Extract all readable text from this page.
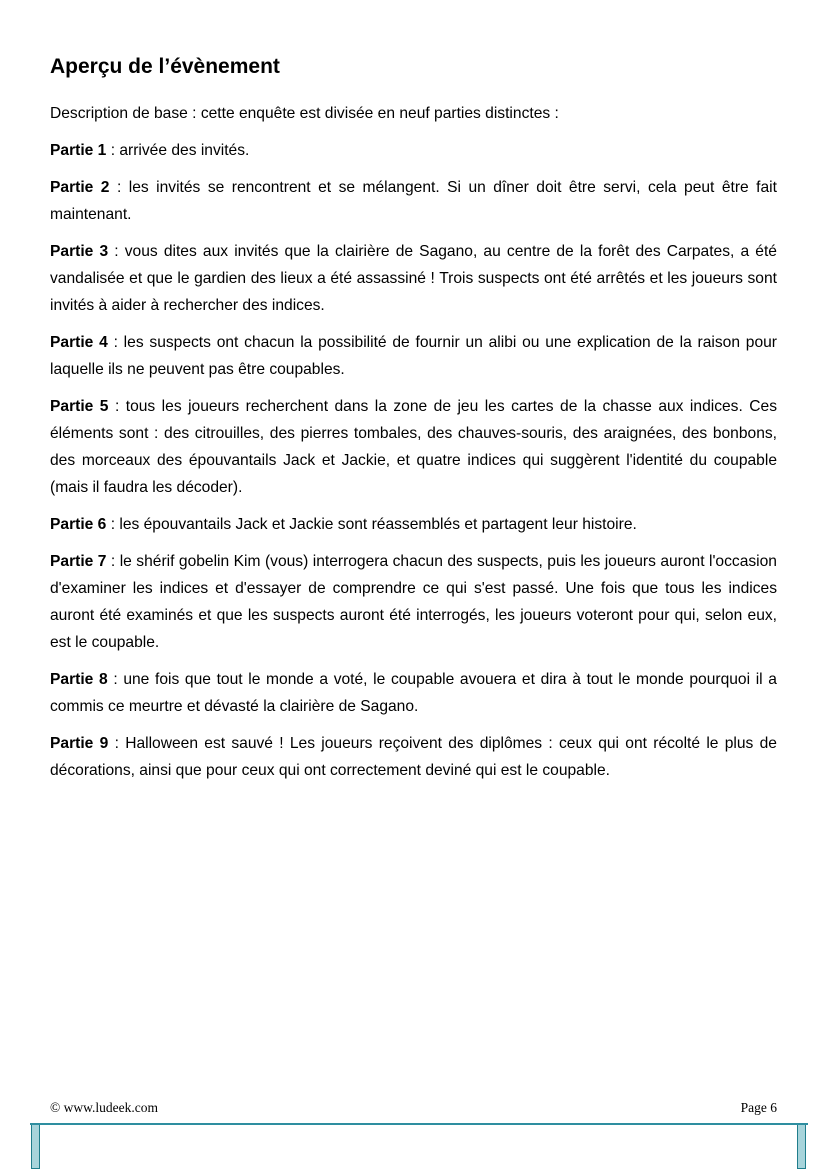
Aperçu de l’évènement

Description de base : cette enquête est divisée en neuf parties distinctes :

Partie 1 : arrivée des invités.

Partie 2 : les invités se rencontrent et se mélangent. Si un dîner doit être servi, cela peut être fait maintenant.

Partie 3 : vous dites aux invités que la clairière de Sagano, au centre de la forêt des Carpates, a été vandalisée et que le gardien des lieux a été assassiné ! Trois suspects ont été arrêtés et les joueurs sont invités à aider à rechercher des indices.

Partie 4 : les suspects ont chacun la possibilité de fournir un alibi ou une explication de la raison pour laquelle ils ne peuvent pas être coupables.

Partie 5 : tous les joueurs recherchent dans la zone de jeu les cartes de la chasse aux indices. Ces éléments sont : des citrouilles, des pierres tombales, des chauves-souris, des araignées, des bonbons, des morceaux des épouvantails Jack et Jackie, et quatre indices qui suggèrent l'identité du coupable (mais il faudra les décoder).

Partie 6 : les épouvantails Jack et Jackie sont réassemblés et partagent leur histoire.

Partie 7 : le shérif gobelin Kim (vous) interrogera chacun des suspects, puis les joueurs auront l'occasion d'examiner les indices et d'essayer de comprendre ce qui s'est passé. Une fois que tous les indices auront été examinés et que les suspects auront été interrogés, les joueurs voteront pour qui, selon eux, est le coupable.

Partie 8 : une fois que tout le monde a voté, le coupable avouera et dira à tout le monde pourquoi il a commis ce meurtre et dévasté la clairière de Sagano.

Partie 9 : Halloween est sauvé ! Les joueurs reçoivent des diplômes : ceux qui ont récolté le plus de décorations, ainsi que pour ceux qui ont correctement deviné qui est le coupable.

© www.ludeek.com	Page 6
